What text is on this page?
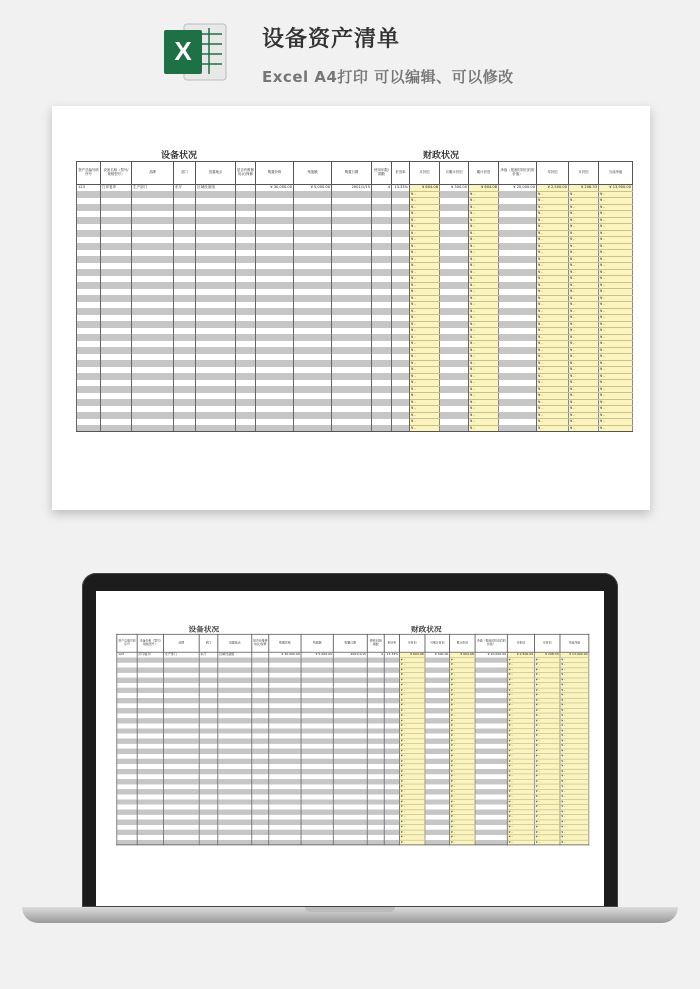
X	设备资产清单
Excel A4打印 可以编辑、可以修改
设备状况	财政状况
资产总编号码序号	设备名称（型号/规格型号）	品牌	部门	放置地点	是否有维修协议/保修	购置价格	残值额	购置日期	使用年限/期数	折旧率	月折旧	月累计折旧	累计折旧	净值（报废时折旧后的价值）	年折旧	月折旧	当前净值
123	打印复印	生产部门	东厅	区域设备组		¥ 30,000.00	¥ 5,000.00	2001/1/15	4	13.33%	¥ 604.08	¥ 300.00	¥ 604.08	¥ 20,000.00	¥ 2,500.00	¥ 208.33	¥ 13,900.00
											¥ -		¥ -		¥ -	¥ -	¥ -
											¥ -		¥ -		¥ -	¥ -	¥ -
											¥ -		¥ -		¥ -	¥ -	¥ -
											¥ -		¥ -		¥ -	¥ -	¥ -
											¥ -		¥ -		¥ -	¥ -	¥ -
											¥ -		¥ -		¥ -	¥ -	¥ -
											¥ -		¥ -		¥ -	¥ -	¥ -
											¥ -		¥ -		¥ -	¥ -	¥ -
											¥ -		¥ -		¥ -	¥ -	¥ -
											¥ -		¥ -		¥ -	¥ -	¥ -
											¥ -		¥ -		¥ -	¥ -	¥ -
											¥ -		¥ -		¥ -	¥ -	¥ -
											¥ -		¥ -		¥ -	¥ -	¥ -
											¥ -		¥ -		¥ -	¥ -	¥ -
											¥ -		¥ -		¥ -	¥ -	¥ -
											¥ -		¥ -		¥ -	¥ -	¥ -
											¥ -		¥ -		¥ -	¥ -	¥ -
											¥ -		¥ -		¥ -	¥ -	¥ -
											¥ -		¥ -		¥ -	¥ -	¥ -
											¥ -		¥ -		¥ -	¥ -	¥ -
											¥ -		¥ -		¥ -	¥ -	¥ -
											¥ -		¥ -		¥ -	¥ -	¥ -
											¥ -		¥ -		¥ -	¥ -	¥ -
											¥ -		¥ -		¥ -	¥ -	¥ -
											¥ -		¥ -		¥ -	¥ -	¥ -
											¥ -		¥ -		¥ -	¥ -	¥ -
											¥ -		¥ -		¥ -	¥ -	¥ -
											¥ -		¥ -		¥ -	¥ -	¥ -
											¥ -		¥ -		¥ -	¥ -	¥ -
											¥ -		¥ -		¥ -	¥ -	¥ -
											¥ -		¥ -		¥ -	¥ -	¥ -
											¥ -		¥ -		¥ -	¥ -	¥ -
											¥ -		¥ -		¥ -	¥ -	¥ -
											¥ -		¥ -		¥ -	¥ -	¥ -
											¥ -		¥ -		¥ -	¥ -	¥ -
											¥ -		¥ -		¥ -	¥ -	¥ -
											¥ -		¥ -		¥ -	¥ -	¥ -
设备状况	财政状况
资产总编号码序号	设备名称（型号/规格型号）	品牌	部门	放置地点	是否有维修协议/保修	购置价格	残值额	购置日期	使用年限/期数	折旧率	月折旧	月累计折旧	累计折旧	净值（报废时折旧后的价值）	年折旧	月折旧	当前净值
123	打印复印	生产部门	东厅	区域设备组		¥ 30,000.00	¥ 5,000.00	2001/1/15	4	13.33%	¥ 604.08	¥ 300.00	¥ 604.08	¥ 20,000.00	¥ 2,500.00	¥ 208.33	¥ 13,900.00
											¥ -		¥ -		¥ -	¥ -	¥ -
											¥ -		¥ -		¥ -	¥ -	¥ -
											¥ -		¥ -		¥ -	¥ -	¥ -
											¥ -		¥ -		¥ -	¥ -	¥ -
											¥ -		¥ -		¥ -	¥ -	¥ -
											¥ -		¥ -		¥ -	¥ -	¥ -
											¥ -		¥ -		¥ -	¥ -	¥ -
											¥ -		¥ -		¥ -	¥ -	¥ -
											¥ -		¥ -		¥ -	¥ -	¥ -
											¥ -		¥ -		¥ -	¥ -	¥ -
											¥ -		¥ -		¥ -	¥ -	¥ -
											¥ -		¥ -		¥ -	¥ -	¥ -
											¥ -		¥ -		¥ -	¥ -	¥ -
											¥ -		¥ -		¥ -	¥ -	¥ -
											¥ -		¥ -		¥ -	¥ -	¥ -
											¥ -		¥ -		¥ -	¥ -	¥ -
											¥ -		¥ -		¥ -	¥ -	¥ -
											¥ -		¥ -		¥ -	¥ -	¥ -
											¥ -		¥ -		¥ -	¥ -	¥ -
											¥ -		¥ -		¥ -	¥ -	¥ -
											¥ -		¥ -		¥ -	¥ -	¥ -
											¥ -		¥ -		¥ -	¥ -	¥ -
											¥ -		¥ -		¥ -	¥ -	¥ -
											¥ -		¥ -		¥ -	¥ -	¥ -
											¥ -		¥ -		¥ -	¥ -	¥ -
											¥ -		¥ -		¥ -	¥ -	¥ -
											¥ -		¥ -		¥ -	¥ -	¥ -
											¥ -		¥ -		¥ -	¥ -	¥ -
											¥ -		¥ -		¥ -	¥ -	¥ -
											¥ -		¥ -		¥ -	¥ -	¥ -
											¥ -		¥ -		¥ -	¥ -	¥ -
											¥ -		¥ -		¥ -	¥ -	¥ -
											¥ -		¥ -		¥ -	¥ -	¥ -
											¥ -		¥ -		¥ -	¥ -	¥ -
											¥ -		¥ -		¥ -	¥ -	¥ -
											¥ -		¥ -		¥ -	¥ -	¥ -
											¥ -		¥ -		¥ -	¥ -	¥ -
蒂鸟图库
